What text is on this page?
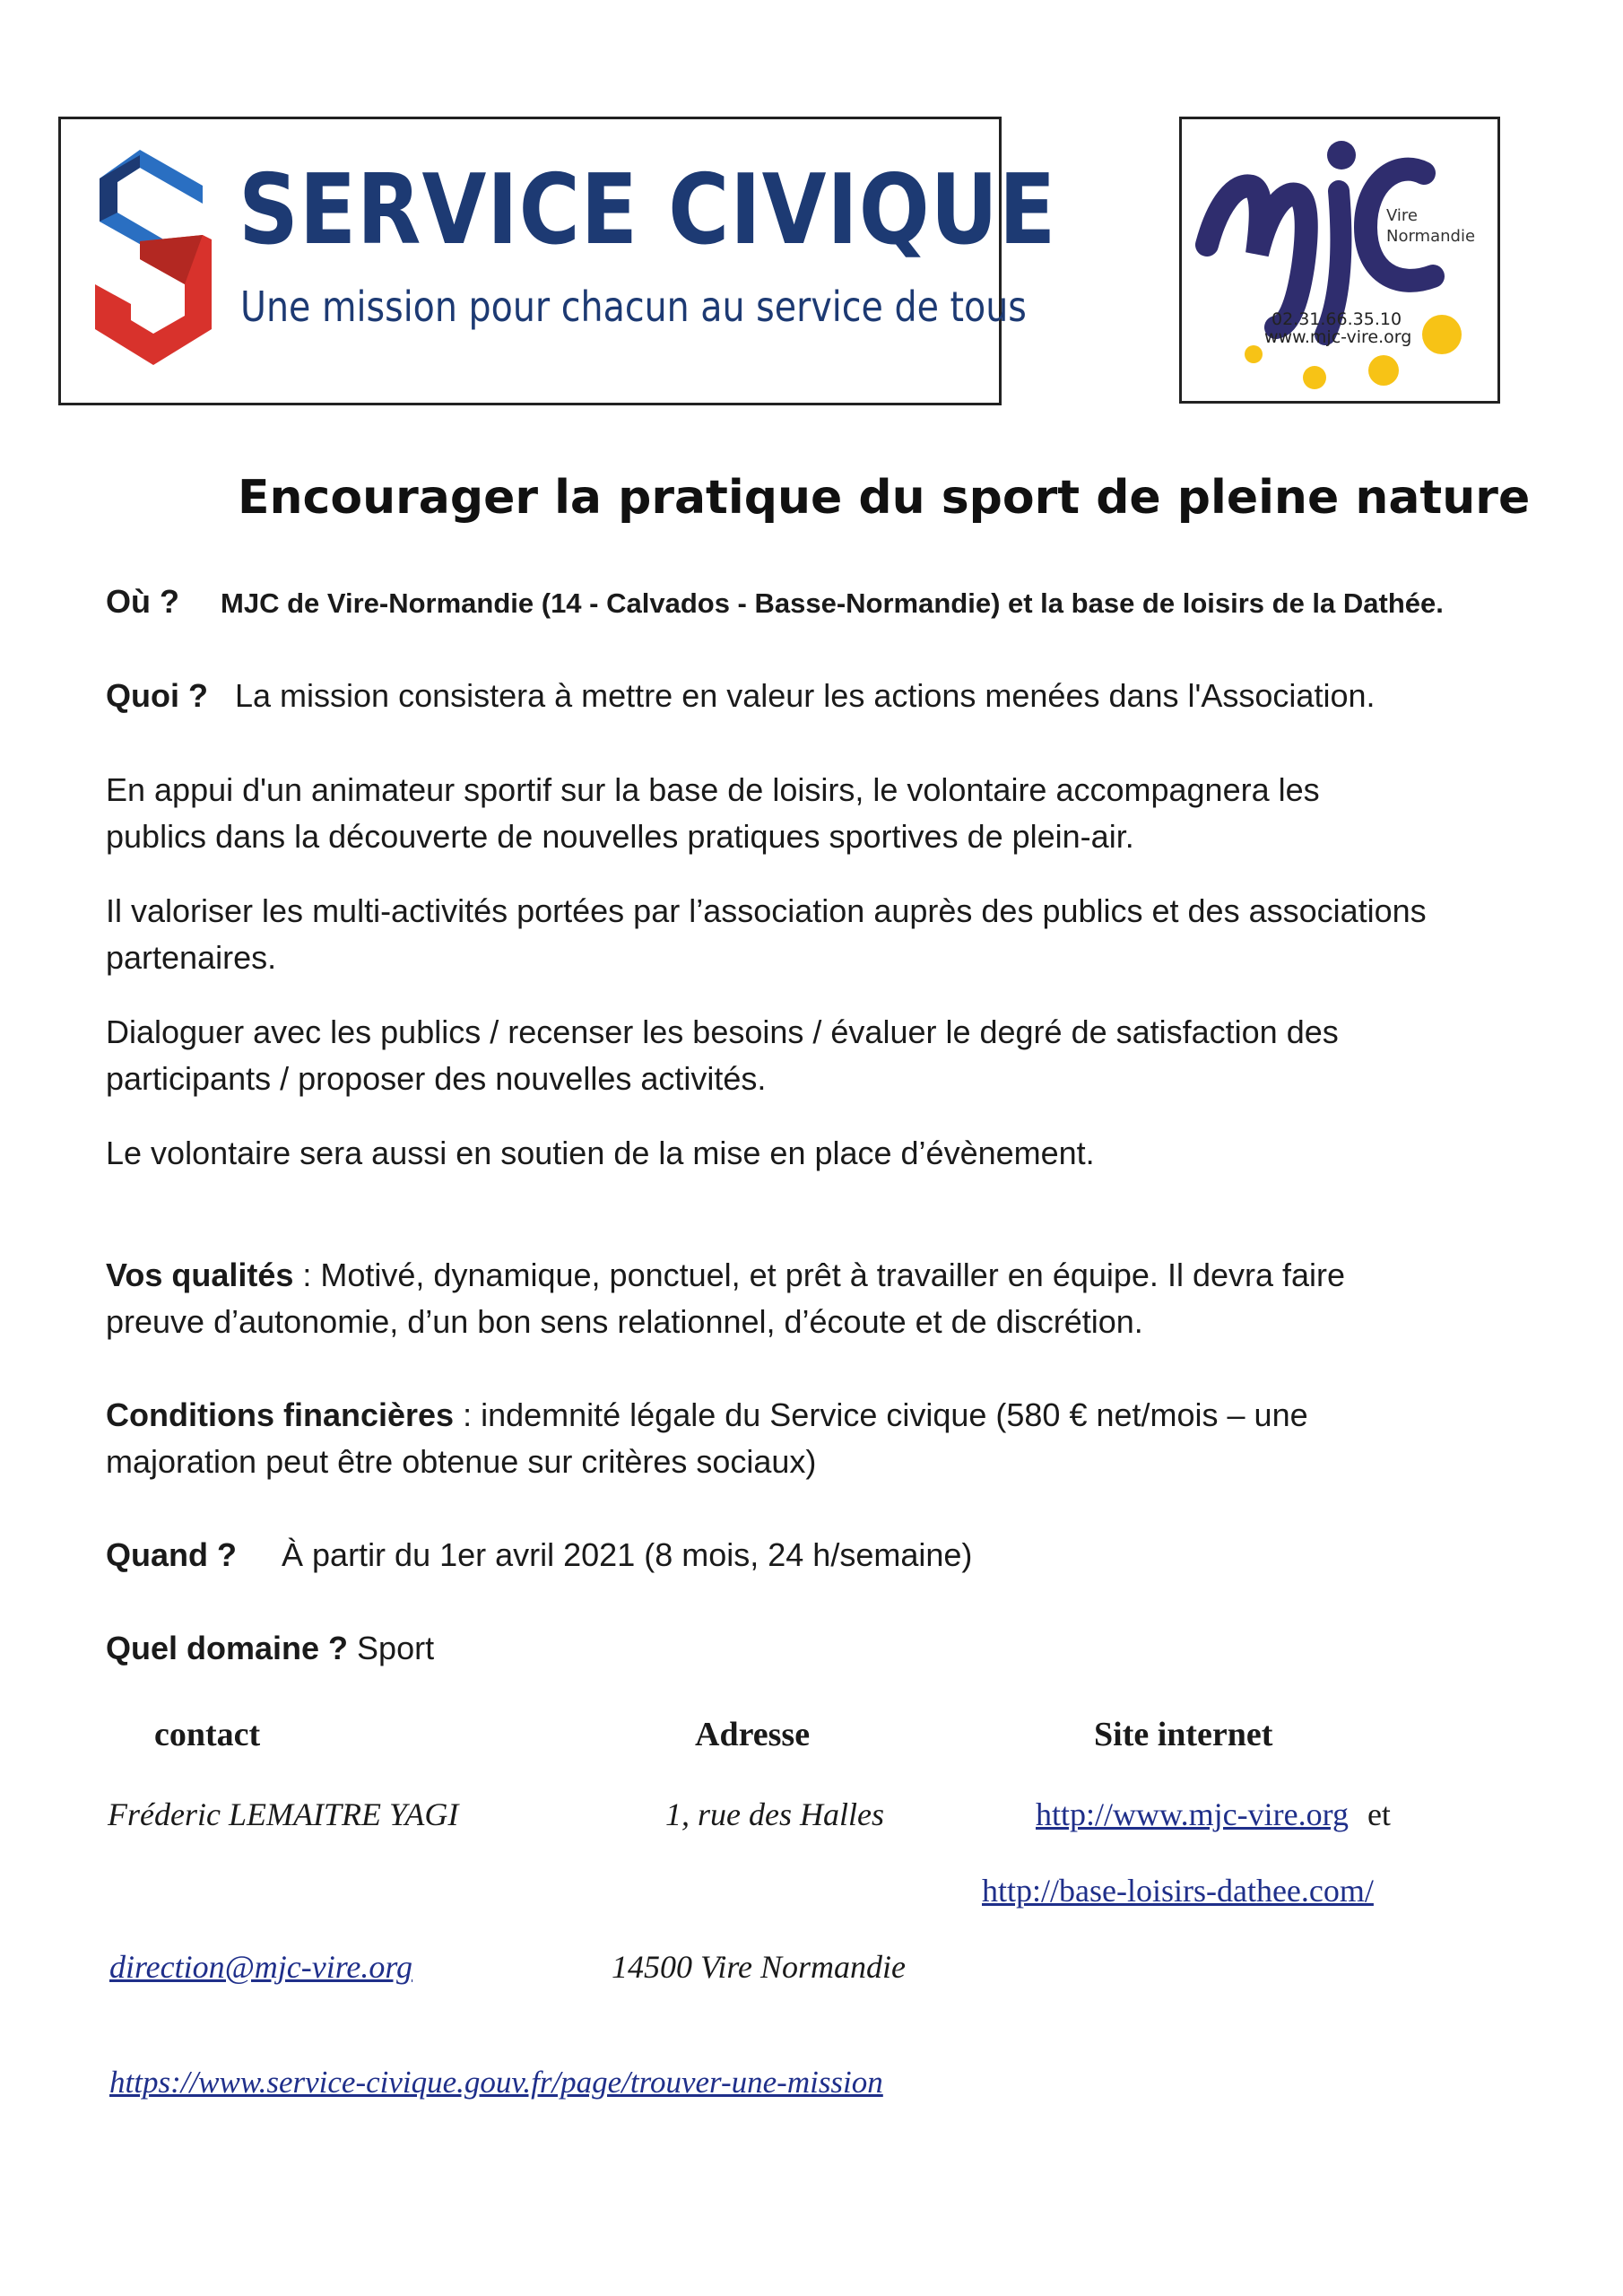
SERVICE CIVIQUE
Une mission pour chacun au service de tous
Vire
Normandie
02.31.66.35.10
www.mjc-vire.org
Encourager la pratique du sport de pleine nature
Où ? MJC de Vire-Normandie (14 - Calvados - Basse-Normandie) et la base de loisirs de la Dathée.
Quoi ? La mission consistera à mettre en valeur les actions menées dans l'Association.
En appui d'un animateur sportif sur la base de loisirs, le volontaire accompagnera les
publics dans la découverte de nouvelles pratiques sportives de plein-air.
Il valoriser les multi-activités portées par l’association auprès des publics et des associations
partenaires.
Dialoguer avec les publics / recenser les besoins / évaluer le degré de satisfaction des
participants / proposer des nouvelles activités.
Le volontaire sera aussi en soutien de la mise en place d’évènement.
Vos qualités : Motivé, dynamique, ponctuel, et prêt à travailler en équipe. Il devra faire
preuve d’autonomie, d’un bon sens relationnel, d’écoute et de discrétion.
Conditions financières : indemnité légale du Service civique (580 € net/mois – une
majoration peut être obtenue sur critères sociaux)
Quand ? À partir du 1er avril 2021 (8 mois, 24 h/semaine)
Quel domaine ? Sport
contact	Adresse	Site internet
Fréderic LEMAITRE YAGI	1, rue des Halles	http://www.mjc-vire.org et
http://base-loisirs-dathee.com/
direction@mjc-vire.org	14500 Vire Normandie
https://www.service-civique.gouv.fr/page/trouver-une-mission
